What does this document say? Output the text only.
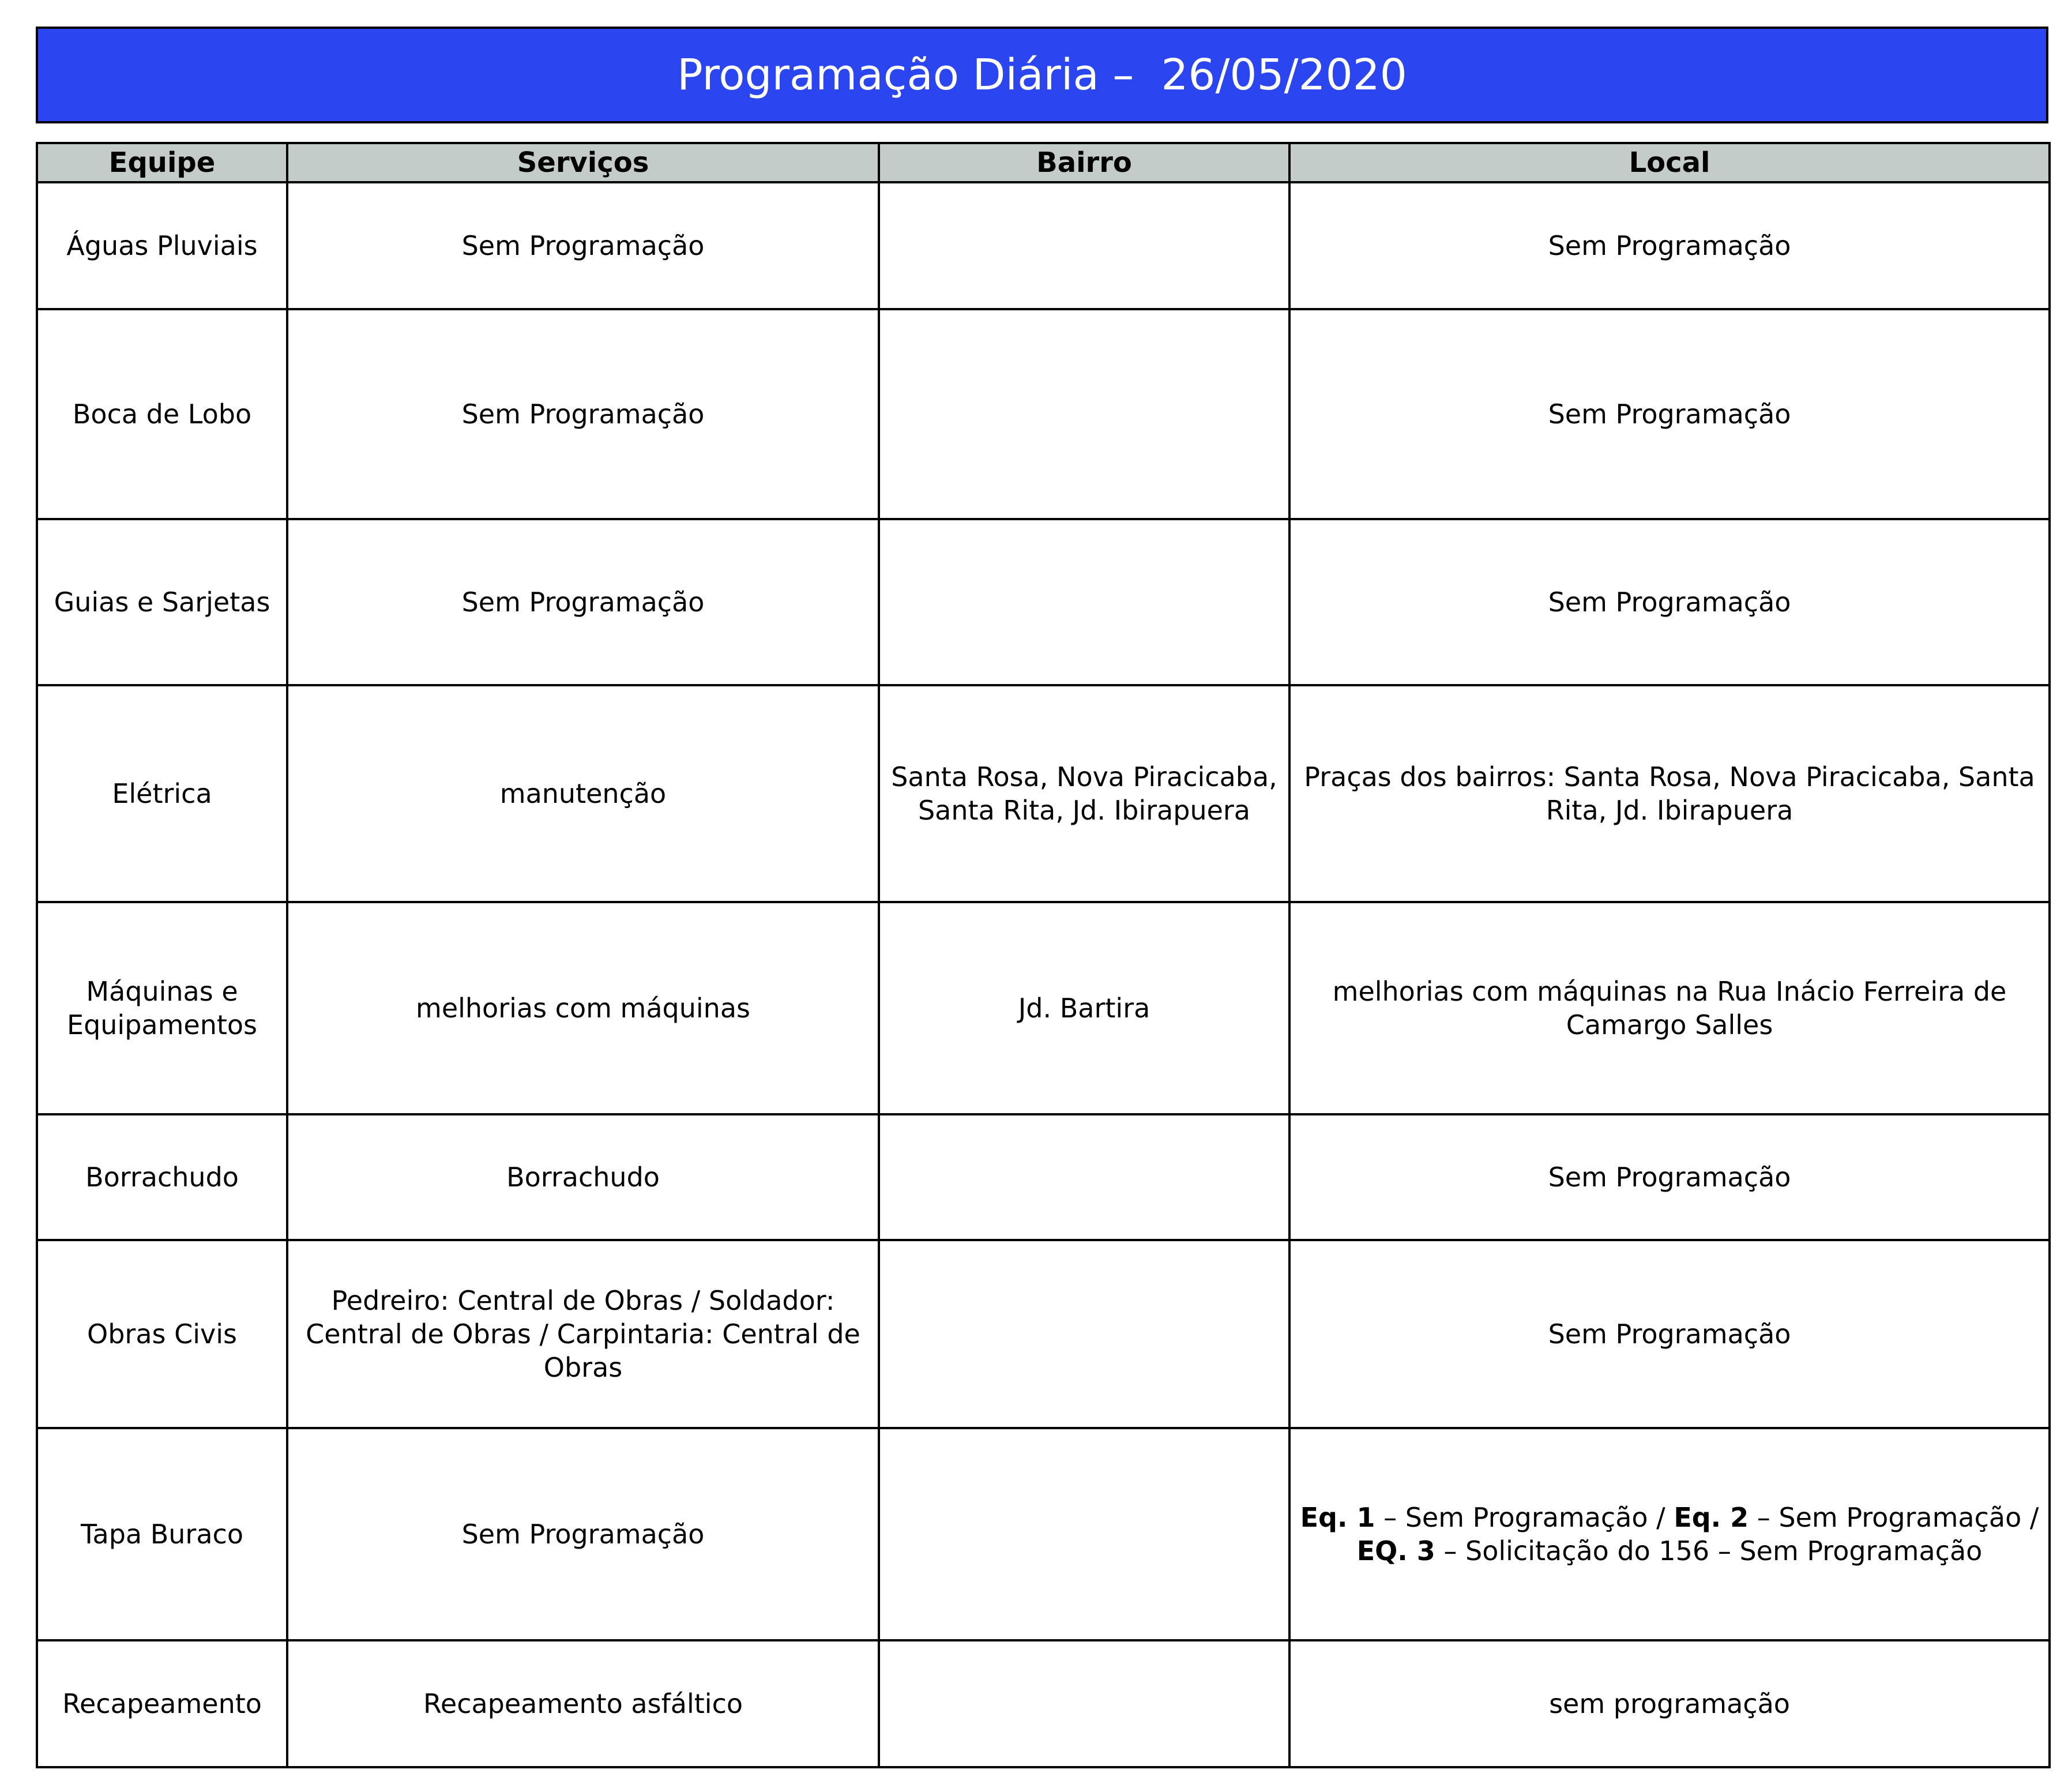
Programação Diária –  26/05/2020
Equipe	Serviços	Bairro	Local
Águas Pluviais	Sem Programação		Sem Programação
Boca de Lobo	Sem Programação		Sem Programação
Guias e Sarjetas	Sem Programação		Sem Programação
Elétrica	manutenção	Santa Rosa, Nova Piracicaba, Santa Rita, Jd. Ibirapuera	Praças dos bairros: Santa Rosa, Nova Piracicaba, Santa Rita, Jd. Ibirapuera
Máquinas e Equipamentos	melhorias com máquinas	Jd. Bartira	melhorias com máquinas na Rua Inácio Ferreira de Camargo Salles
Borrachudo	Borrachudo		Sem Programação
Obras Civis	Pedreiro: Central de Obras / Soldador: Central de Obras / Carpintaria: Central de Obras		Sem Programação
Tapa Buraco	Sem Programação		Eq. 1 – Sem Programação / Eq. 2 – Sem Programação / EQ. 3 – Solicitação do 156 – Sem Programação
Recapeamento	Recapeamento asfáltico		sem programação
